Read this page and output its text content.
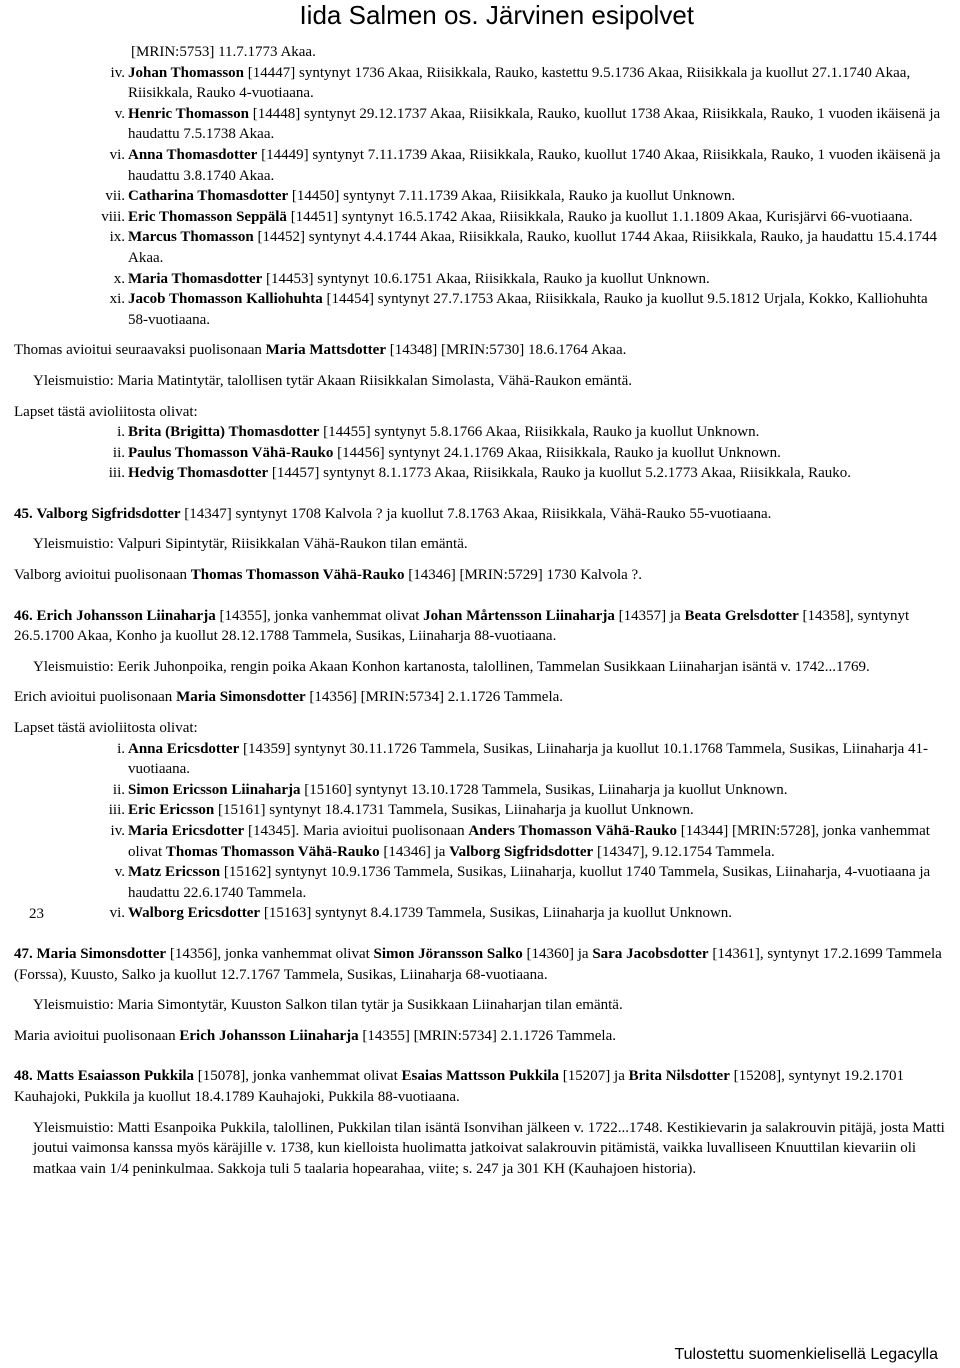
Iida Salmen os. Järvinen esipolvet
23
[MRIN:5753] 11.7.1773 Akaa.
iv. Johan Thomasson [14447] syntynyt 1736 Akaa, Riisikkala, Rauko, kastettu 9.5.1736 Akaa, Riisikkala ja kuollut 27.1.1740 Akaa, Riisikkala, Rauko 4-vuotiaana.
v. Henric Thomasson [14448] syntynyt 29.12.1737 Akaa, Riisikkala, Rauko, kuollut 1738 Akaa, Riisikkala, Rauko, 1 vuoden ikäisenä ja haudattu 7.5.1738 Akaa.
vi. Anna Thomasdotter [14449] syntynyt 7.11.1739 Akaa, Riisikkala, Rauko, kuollut 1740 Akaa, Riisikkala, Rauko, 1 vuoden ikäisenä ja haudattu 3.8.1740 Akaa.
vii. Catharina Thomasdotter [14450] syntynyt 7.11.1739 Akaa, Riisikkala, Rauko ja kuollut Unknown.
viii. Eric Thomasson Seppälä [14451] syntynyt 16.5.1742 Akaa, Riisikkala, Rauko ja kuollut 1.1.1809 Akaa, Kurisjärvi 66-vuotiaana.
ix. Marcus Thomasson [14452] syntynyt 4.4.1744 Akaa, Riisikkala, Rauko, kuollut 1744 Akaa, Riisikkala, Rauko, ja haudattu 15.4.1744 Akaa.
x. Maria Thomasdotter [14453] syntynyt 10.6.1751 Akaa, Riisikkala, Rauko ja kuollut Unknown.
xi. Jacob Thomasson Kalliohuhta [14454] syntynyt 27.7.1753 Akaa, Riisikkala, Rauko ja kuollut 9.5.1812 Urjala, Kokko, Kalliohuhta 58-vuotiaana.
Thomas avioitui seuraavaksi puolisonaan Maria Mattsdotter [14348] [MRIN:5730] 18.6.1764 Akaa.
Yleismuistio: Maria Matintytär, talollisen tytär Akaan Riisikkalan Simolasta, Vähä-Raukon emäntä.
Lapset tästä avioliitosta olivat:
i. Brita (Brigitta) Thomasdotter [14455] syntynyt 5.8.1766 Akaa, Riisikkala, Rauko ja kuollut Unknown.
ii. Paulus Thomasson Vähä-Rauko [14456] syntynyt 24.1.1769 Akaa, Riisikkala, Rauko ja kuollut Unknown.
iii. Hedvig Thomasdotter [14457] syntynyt 8.1.1773 Akaa, Riisikkala, Rauko ja kuollut 5.2.1773 Akaa, Riisikkala, Rauko.
45. Valborg Sigfridsdotter [14347] syntynyt 1708 Kalvola ? ja kuollut 7.8.1763 Akaa, Riisikkala, Vähä-Rauko 55-vuotiaana.
Yleismuistio: Valpuri Sipintytär, Riisikkalan Vähä-Raukon tilan emäntä.
Valborg avioitui puolisonaan Thomas Thomasson Vähä-Rauko [14346] [MRIN:5729] 1730 Kalvola ?.
46. Erich Johansson Liinaharja [14355], jonka vanhemmat olivat Johan Mårtensson Liinaharja [14357] ja Beata Grelsdotter [14358], syntynyt 26.5.1700 Akaa, Konho ja kuollut 28.12.1788 Tammela, Susikas, Liinaharja 88-vuotiaana.
Yleismuistio: Eerik Juhonpoika, rengin poika Akaan Konhon kartanosta, talollinen, Tammelan Susikkaan Liinaharjan isäntä v. 1742...1769.
Erich avioitui puolisonaan Maria Simonsdotter [14356] [MRIN:5734] 2.1.1726 Tammela.
Lapset tästä avioliitosta olivat:
i. Anna Ericsdotter [14359] syntynyt 30.11.1726 Tammela, Susikas, Liinaharja ja kuollut 10.1.1768 Tammela, Susikas, Liinaharja 41-vuotiaana.
ii. Simon Ericsson Liinaharja [15160] syntynyt 13.10.1728 Tammela, Susikas, Liinaharja ja kuollut Unknown.
iii. Eric Ericsson [15161] syntynyt 18.4.1731 Tammela, Susikas, Liinaharja ja kuollut Unknown.
iv. Maria Ericsdotter [14345]. Maria avioitui puolisonaan Anders Thomasson Vähä-Rauko [14344] [MRIN:5728], jonka vanhemmat olivat Thomas Thomasson Vähä-Rauko [14346] ja Valborg Sigfridsdotter [14347], 9.12.1754 Tammela.
v. Matz Ericsson [15162] syntynyt 10.9.1736 Tammela, Susikas, Liinaharja, kuollut 1740 Tammela, Susikas, Liinaharja, 4-vuotiaana ja haudattu 22.6.1740 Tammela.
vi. Walborg Ericsdotter [15163] syntynyt 8.4.1739 Tammela, Susikas, Liinaharja ja kuollut Unknown.
47. Maria Simonsdotter [14356], jonka vanhemmat olivat Simon Jöransson Salko [14360] ja Sara Jacobsdotter [14361], syntynyt 17.2.1699 Tammela (Forssa), Kuusto, Salko ja kuollut 12.7.1767 Tammela, Susikas, Liinaharja 68-vuotiaana.
Yleismuistio: Maria Simontytär, Kuuston Salkon tilan tytär ja Susikkaan Liinaharjan tilan emäntä.
Maria avioitui puolisonaan Erich Johansson Liinaharja [14355] [MRIN:5734] 2.1.1726 Tammela.
48. Matts Esaiasson Pukkila [15078], jonka vanhemmat olivat Esaias Mattsson Pukkila [15207] ja Brita Nilsdotter [15208], syntynyt 19.2.1701 Kauhajoki, Pukkila ja kuollut 18.4.1789 Kauhajoki, Pukkila 88-vuotiaana.
Yleismuistio: Matti Esanpoika Pukkila, talollinen, Pukkilan tilan isäntä Isonvihan jälkeen v. 1722...1748. Kestikievarin ja salakrouvin pitäjä, josta Matti joutui vaimonsa kanssa myös käräjille v. 1738, kun kielloista huolimatta jatkoivat salakrouvin pitämistä, vaikka luvalliseen Knuuttilan kievariin oli matkaa vain 1/4 peninkulmaa. Sakkoja tuli 5 taalaria hopearahaa, viite; s. 247 ja 301 KH (Kauhajoen historia).
Tulostettu suomenkielisellä Legacylla
